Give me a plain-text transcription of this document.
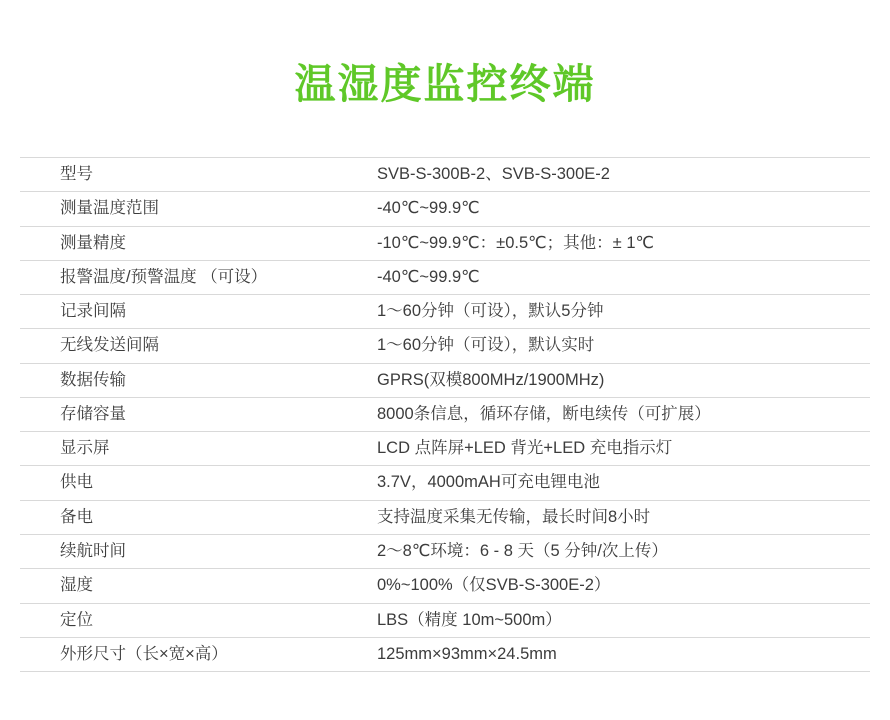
温湿度监控终端
型号	SVB-S-300B-2、SVB-S-300E-2
测量温度范围	-40℃~99.9℃
测量精度	-10℃~99.9℃：±0.5℃；其他：± 1℃
报警温度/预警温度 （可设）	-40℃~99.9℃
记录间隔	1～60分钟（可设），默认5分钟
无线发送间隔	1～60分钟（可设），默认实时
数据传输	GPRS(双模800MHz/1900MHz)
存储容量	8000条信息，循环存储，断电续传（可扩展）
显示屏	LCD 点阵屏+LED 背光+LED 充电指示灯
供电	3.7V，4000mAH可充电锂电池
备电	支持温度采集无传输，最长时间8小时
续航时间	2～8℃环境：6 - 8 天（5 分钟/次上传）
湿度	0%~100%（仅SVB-S-300E-2）
定位	LBS（精度 10m~500m）
外形尺寸（长×宽×高）	125mm×93mm×24.5mm
